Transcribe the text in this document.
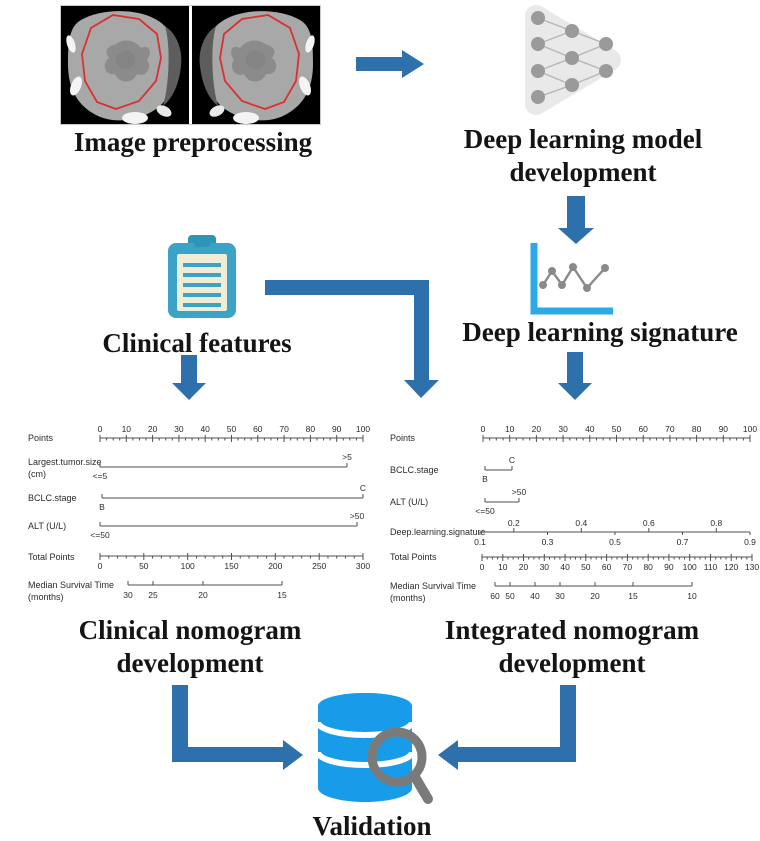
Image preprocessing	Deep learning model
development
Clinical features	Deep learning signature
Clinical nomogram
development
Integrated nomogram
development
Validation
Points
0 10 20 30 40 50 60 70 80 90 100
Largest.tumor.size
(cm)
>5
<=5
BCLC.stage
C
B
ALT (U/L)
>50
<=50
Total Points
0	50	100	150	200	250	300
Median Survival Time
(months)	30 25	20	15
Points
0 10 20 30 40 50 60 70 80 90 100
BCLC.stage
C
B
ALT (U/L)
>50
<=50
Deep.learning.signature
0.2	0.4	0.6	0.8
0.1	0.3	0.5	0.7	0.9
Total Points
0 10 20 30 40 50 60 70 80 90 100 110 120 130
Median Survival Time
(months)	60 50 40 30	20	15	10
